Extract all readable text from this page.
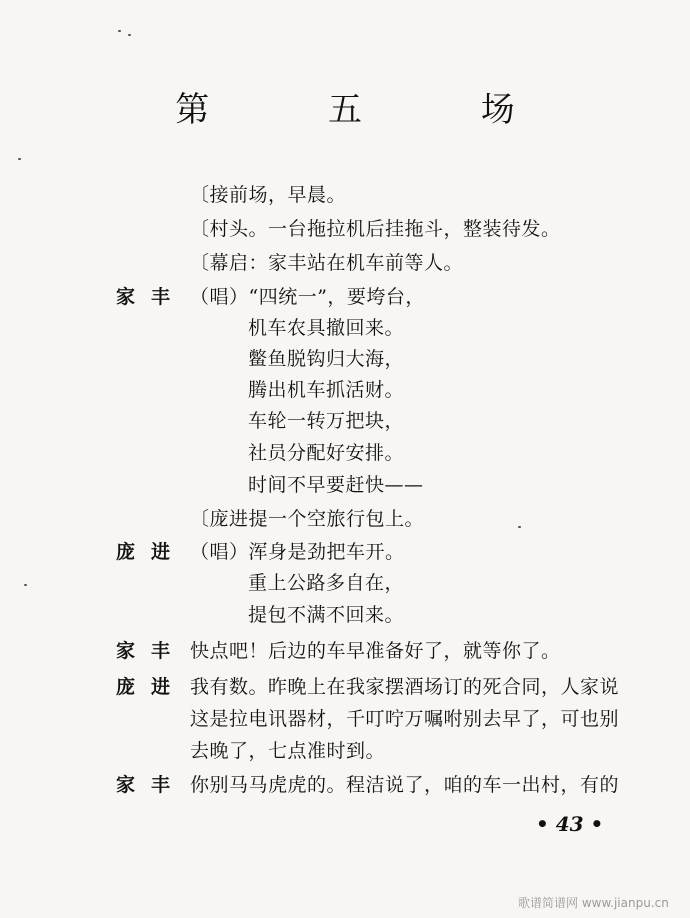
第 五 场
〔接前场，早晨。
〔村头。一台拖拉机后挂拖斗，整装待发。
〔幕启：家丰站在机车前等人。
家丰 （唱）“四统一”，要垮台，
机车农具撤回来。
鳖鱼脱钩归大海，
腾出机车抓活财。
车轮一转万把块，
社员分配好安排。
时间不早要赶快——
〔庞进提一个空旅行包上。
庞进 （唱）浑身是劲把车开。
重上公路多自在，
提包不满不回来。
家丰 快点吧！后边的车早准备好了，就等你了。
庞进 我有数。昨晚上在我家摆酒场订的死合同，人家说
这是拉电讯器材，千叮咛万嘱咐别去早了，可也别
去晚了，七点准时到。
家丰 你别马马虎虎的。程洁说了，咱的车一出村，有的
• 43 •
歌谱简谱网 www.jianpu.cn
